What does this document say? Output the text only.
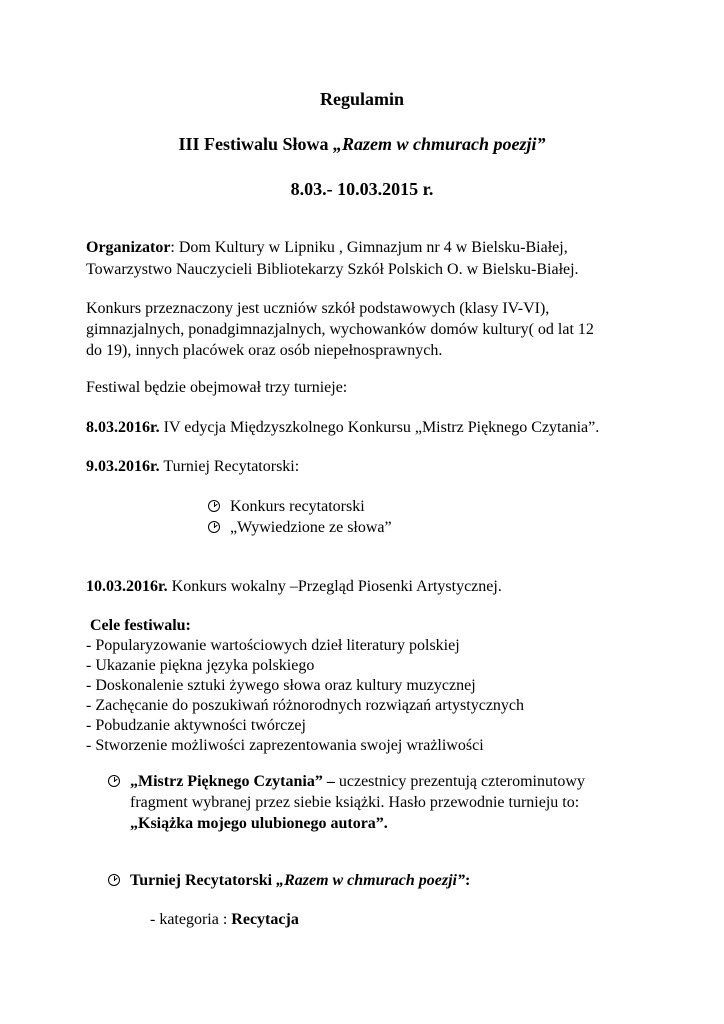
Regulamin
III Festiwalu Słowa „Razem w chmurach poezji”
8.03.- 10.03.2015 r.
Organizator: Dom Kultury w Lipniku , Gimnazjum nr 4 w Bielsku-Białej,
Towarzystwo Nauczycieli Bibliotekarzy Szkół Polskich O. w Bielsku-Białej.
Konkurs przeznaczony jest uczniów szkół podstawowych (klasy IV-VI),
gimnazjalnych, ponadgimnazjalnych, wychowanków domów kultury( od lat 12
do 19), innych placówek oraz osób niepełnosprawnych.
Festiwal będzie obejmował trzy turnieje:
8.03.2016r. IV edycja Międzyszkolnego Konkursu „Mistrz Pięknego Czytania”.
9.03.2016r. Turniej Recytatorski:
Konkurs recytatorski
„Wywiedzione ze słowa”
10.03.2016r. Konkurs wokalny –Przegląd Piosenki Artystycznej.
Cele festiwalu:
- Popularyzowanie wartościowych dzieł literatury polskiej
- Ukazanie piękna języka polskiego
- Doskonalenie sztuki żywego słowa oraz kultury muzycznej
- Zachęcanie do poszukiwań różnorodnych rozwiązań artystycznych
- Pobudzanie aktywności twórczej
- Stworzenie możliwości zaprezentowania swojej wrażliwości
„Mistrz Pięknego Czytania” – uczestnicy prezentują czterominutowy
fragment wybranej przez siebie książki. Hasło przewodnie turnieju to:
„Książka mojego ulubionego autora”.
Turniej Recytatorski „Razem w chmurach poezji”:
- kategoria : Recytacja
